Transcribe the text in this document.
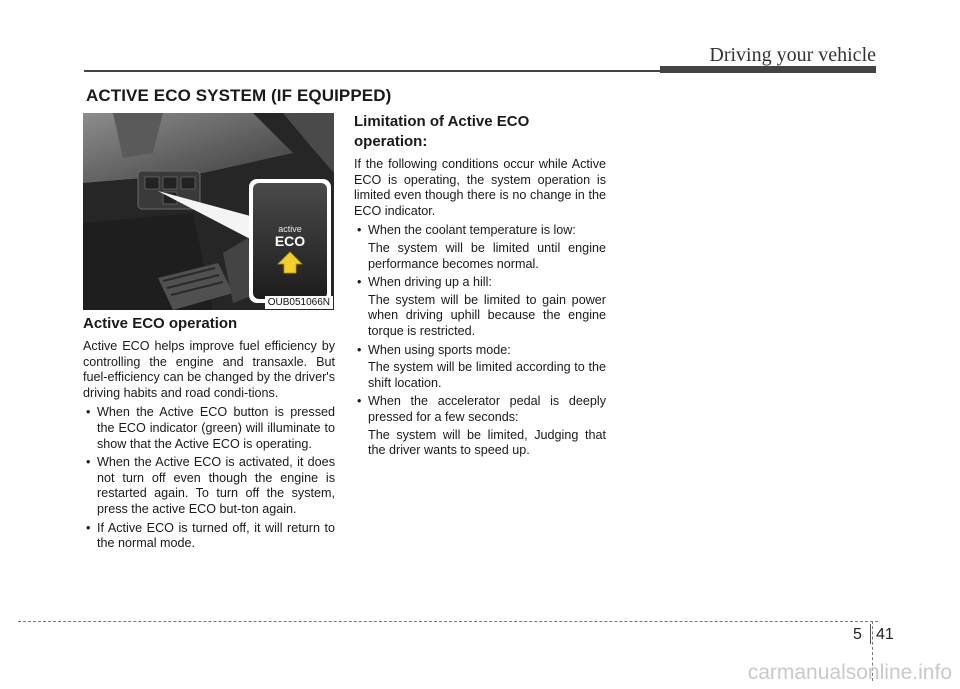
Driving your vehicle
ACTIVE ECO SYSTEM (IF EQUIPPED)
active
ECO
OUB051066N
Active ECO operation
Active ECO helps improve fuel efficiency by controlling the engine and transaxle. But fuel-efficiency can be changed by the driver's driving habits and road condi-tions.
• When the Active ECO button is pressed the ECO indicator (green) will illuminate to show that the Active ECO is operating.
• When the Active ECO is activated, it does not turn off even though the engine is restarted again. To turn off the system, press the active ECO but-ton again.
• If Active ECO is turned off, it will return to the normal mode.
Limitation of Active ECO operation:
If the following conditions occur while Active ECO is operating, the system operation is limited even though there is no change in the ECO indicator.
• When the coolant temperature is low:
The system will be limited until engine performance becomes normal.
• When driving up a hill:
The system will be limited to gain power when driving uphill because the engine torque is restricted.
• When using sports mode:
The system will be limited according to the shift location.
• When the accelerator pedal is deeply pressed for a few seconds:
The system will be limited, Judging that the driver wants to speed up.
5 41
carmanualsonline.info
